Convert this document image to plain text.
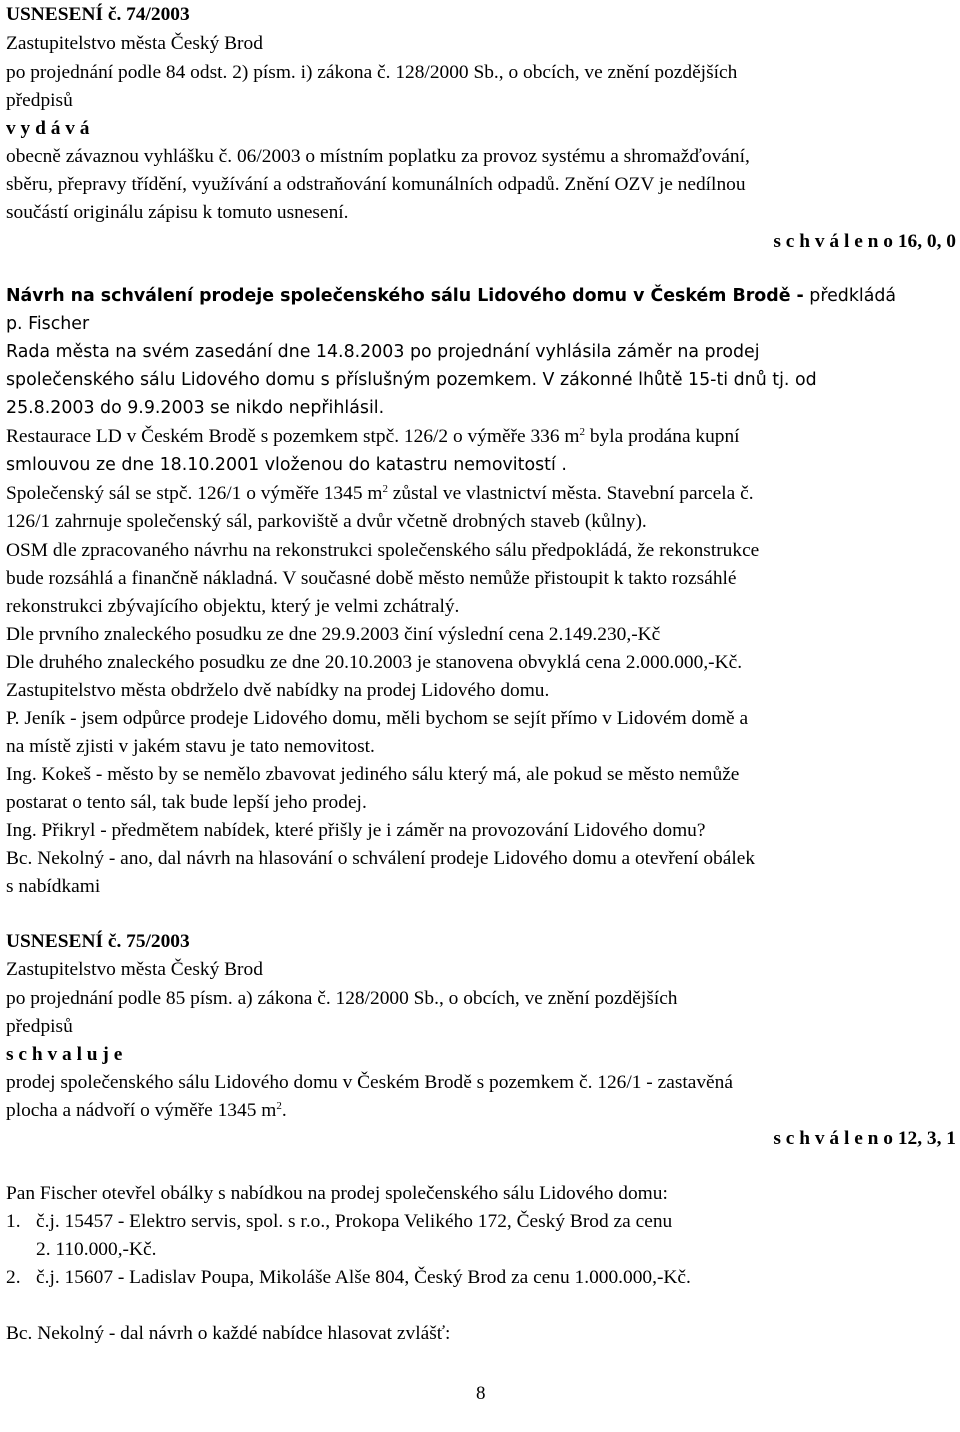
USNESENÍ č. 74/2003
Zastupitelstvo města Český Brod
po projednání podle 84 odst. 2) písm. i) zákona č. 128/2000 Sb., o obcích, ve znění pozdějších
předpisů
v y d á v á
obecně závaznou vyhlášku č. 06/2003 o místním poplatku za provoz systému a shromažďování,
sběru, přepravy třídění, využívání a odstraňování komunálních odpadů. Znění OZV je nedílnou
součástí originálu zápisu k tomuto usnesení.
s c h v á l e n o 16, 0, 0
Návrh na schválení prodeje společenského sálu Lidového domu v Českém Brodě - předkládá
p. Fischer
Rada města na svém zasedání dne 14.8.2003 po projednání vyhlásila záměr na prodej
společenského sálu Lidového domu s příslušným pozemkem. V zákonné lhůtě 15-ti dnů tj. od
25.8.2003 do 9.9.2003 se nikdo nepřihlásil.
Restaurace LD v Českém Brodě s pozemkem stpč. 126/2 o výměře 336 $m^2$ byla prodána kupní
smlouvou ze dne 18.10.2001 vloženou do katastru nemovitostí .
Společenský sál se stpč. 126/1 o výměře 1345 $m^2$ zůstal ve vlastnictví města. Stavební parcela č.
126/1 zahrnuje společenský sál, parkoviště a dvůr včetně drobných staveb (kůlny).
OSM dle zpracovaného návrhu na rekonstrukci společenského sálu předpokládá, že rekonstrukce
bude rozsáhlá a finančně nákladná. V současné době město nemůže přistoupit k takto rozsáhlé
rekonstrukci zbývajícího objektu, který je velmi zchátralý.
Dle prvního znaleckého posudku ze dne 29.9.2003 činí výslední cena 2.149.230,-Kč
Dle druhého znaleckého posudku ze dne 20.10.2003 je stanovena obvyklá cena 2.000.000,-Kč.
Zastupitelstvo města obdrželo dvě nabídky na prodej Lidového domu.
P. Jeník - jsem odpůrce prodeje Lidového domu, měli bychom se sejít přímo v Lidovém domě a
na místě zjisti v jakém stavu je tato nemovitost.
Ing. Kokeš - město by se nemělo zbavovat jediného sálu který má, ale pokud se město nemůže
postarat o tento sál, tak bude lepší jeho prodej.
Ing. Přikryl - předmětem nabídek, které přišly je i záměr na provozování Lidového domu?
Bc. Nekolný - ano, dal návrh na hlasování o schválení prodeje Lidového domu a otevření obálek
s nabídkami
USNESENÍ č. 75/2003
Zastupitelstvo města Český Brod
po projednání podle 85 písm. a) zákona č. 128/2000 Sb., o obcích, ve znění pozdějších
předpisů
s c h v a l u j e
prodej společenského sálu Lidového domu v Českém Brodě s pozemkem č. 126/1 - zastavěná
plocha a nádvoří o výměře 1345 $m^2$.
s c h v á l e n o 12, 3, 1
Pan Fischer otevřel obálky s nabídkou na prodej společenského sálu Lidového domu:
1. č.j. 15457 - Elektro servis, spol. s r.o., Prokopa Velikého 172, Český Brod za cenu
2. 110.000,-Kč.
2. č.j. 15607 - Ladislav Poupa, Mikoláše Alše 804, Český Brod za cenu 1.000.000,-Kč.
Bc. Nekolný - dal návrh o každé nabídce hlasovat zvlášť:
8
